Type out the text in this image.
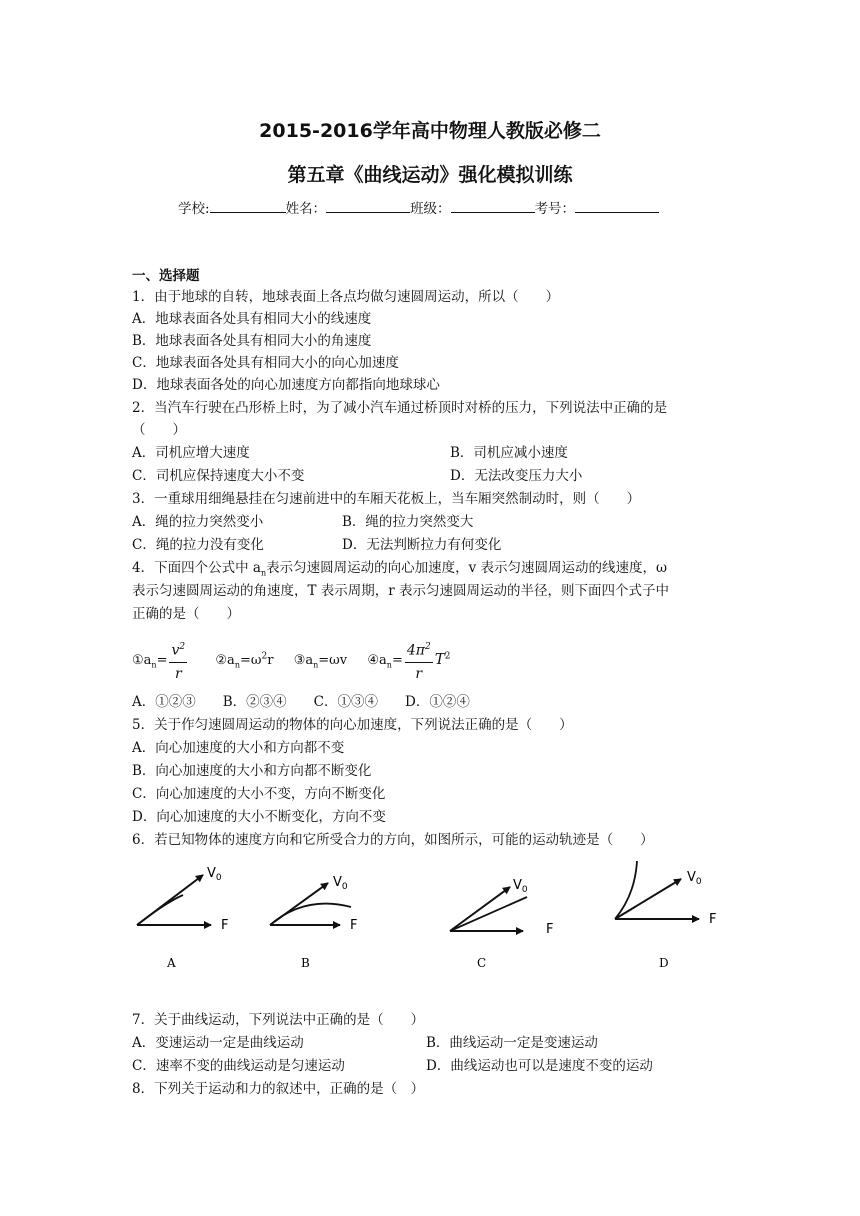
2015-2016学年高中物理人教版必修二
第五章《曲线运动》强化模拟训练
学校:	姓名：	班级：	考号：
一、选择题
1．由于地球的自转，地球表面上各点均做匀速圆周运动，所以（　　）
A．地球表面各处具有相同大小的线速度
B．地球表面各处具有相同大小的角速度
C．地球表面各处具有相同大小的向心加速度
D．地球表面各处的向心加速度方向都指向地球球心
2．当汽车行驶在凸形桥上时，为了减小汽车通过桥顶时对桥的压力，下列说法中正确的是
（　　）
A．司机应增大速度	B．司机应减小速度
C．司机应保持速度大小不变	D．无法改变压力大小
3．一重球用细绳悬挂在匀速前进中的车厢天花板上，当车厢突然制动时，则（　　）
A．绳的拉力突然变小	B．绳的拉力突然变大
C．绳的拉力没有变化	D．无法判断拉力有何变化
4．下面四个公式中 $a_n$表示匀速圆周运动的向心加速度，v 表示匀速圆周运动的线速度，ω
表示匀速圆周运动的角速度，T 表示周期，r 表示匀速圆周运动的半径，则下面四个式子中
正确的是（　　）
$①a_n= \frac{v^2}{r}$ $②a_n=\omega^2r$ $③a_n=\omega v$ $④a_n= \frac{4\pi^2}{r} T^2$
A．①②③　　B．②③④　　C．①③④　　D．①②④
5．关于作匀速圆周运动的物体的向心加速度，下列说法正确的是（　　）
A．向心加速度的大小和方向都不变
B．向心加速度的大小和方向都不断变化
C．向心加速度的大小不变，方向不断变化
D．向心加速度的大小不断变化，方向不变
6．若已知物体的速度方向和它所受合力的方向，如图所示，可能的运动轨迹是（　　）
$V_0$
F
A
$V_0$
F
B
$V_0$
F
C
$V_0$
F
D
7．关于曲线运动，下列说法中正确的是（　　）
A．变速运动一定是曲线运动	B．曲线运动一定是变速运动
C．速率不变的曲线运动是匀速运动	D．曲线运动也可以是速度不变的运动
8．下列关于运动和力的叙述中，正确的是（　）
